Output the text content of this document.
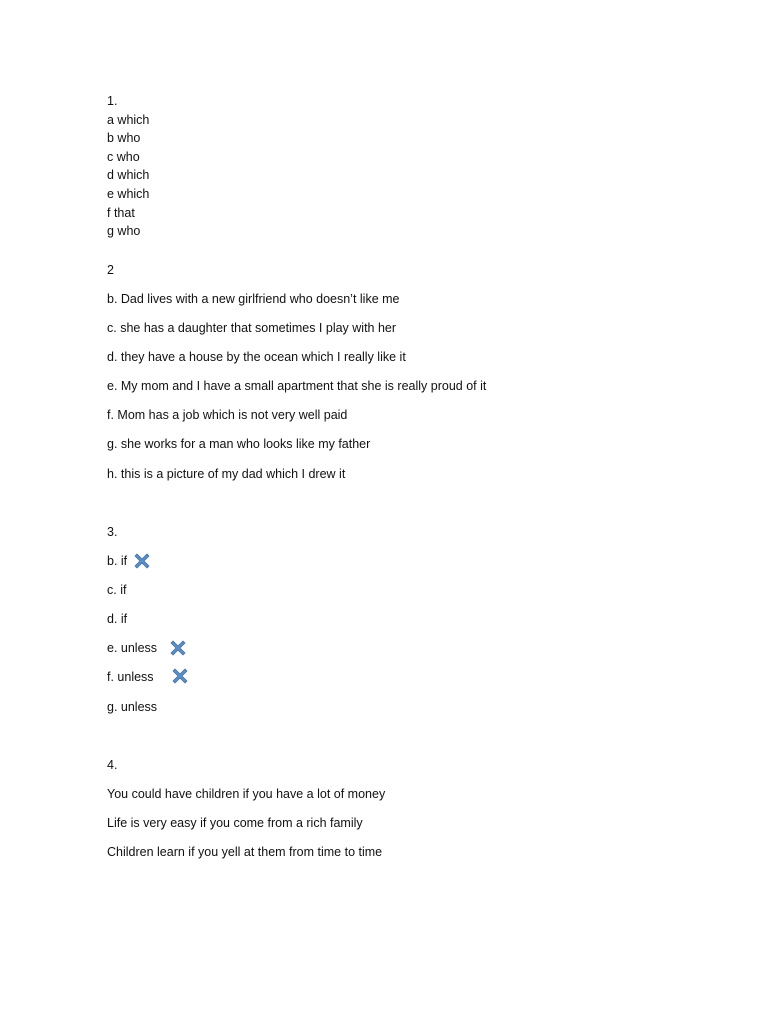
1.
a which
b who
c who
d which
e which
f that
g who
2
b. Dad lives with a new girlfriend who doesn’t like me
c. she has a daughter that sometimes I play with her
d. they have a house by the ocean which I really like it
e. My mom and I have a small apartment that she is really proud of it
f. Mom has a job which is not very well paid
g. she works for a man who looks like my father
h. this is a picture of my dad which I drew it
3.
b. if
c. if
d. if
e. unless
f. unless
g. unless
4.
You could have children if you have a lot of money
Life is very easy if you come from a rich family
Children learn if you yell at them from time to time
